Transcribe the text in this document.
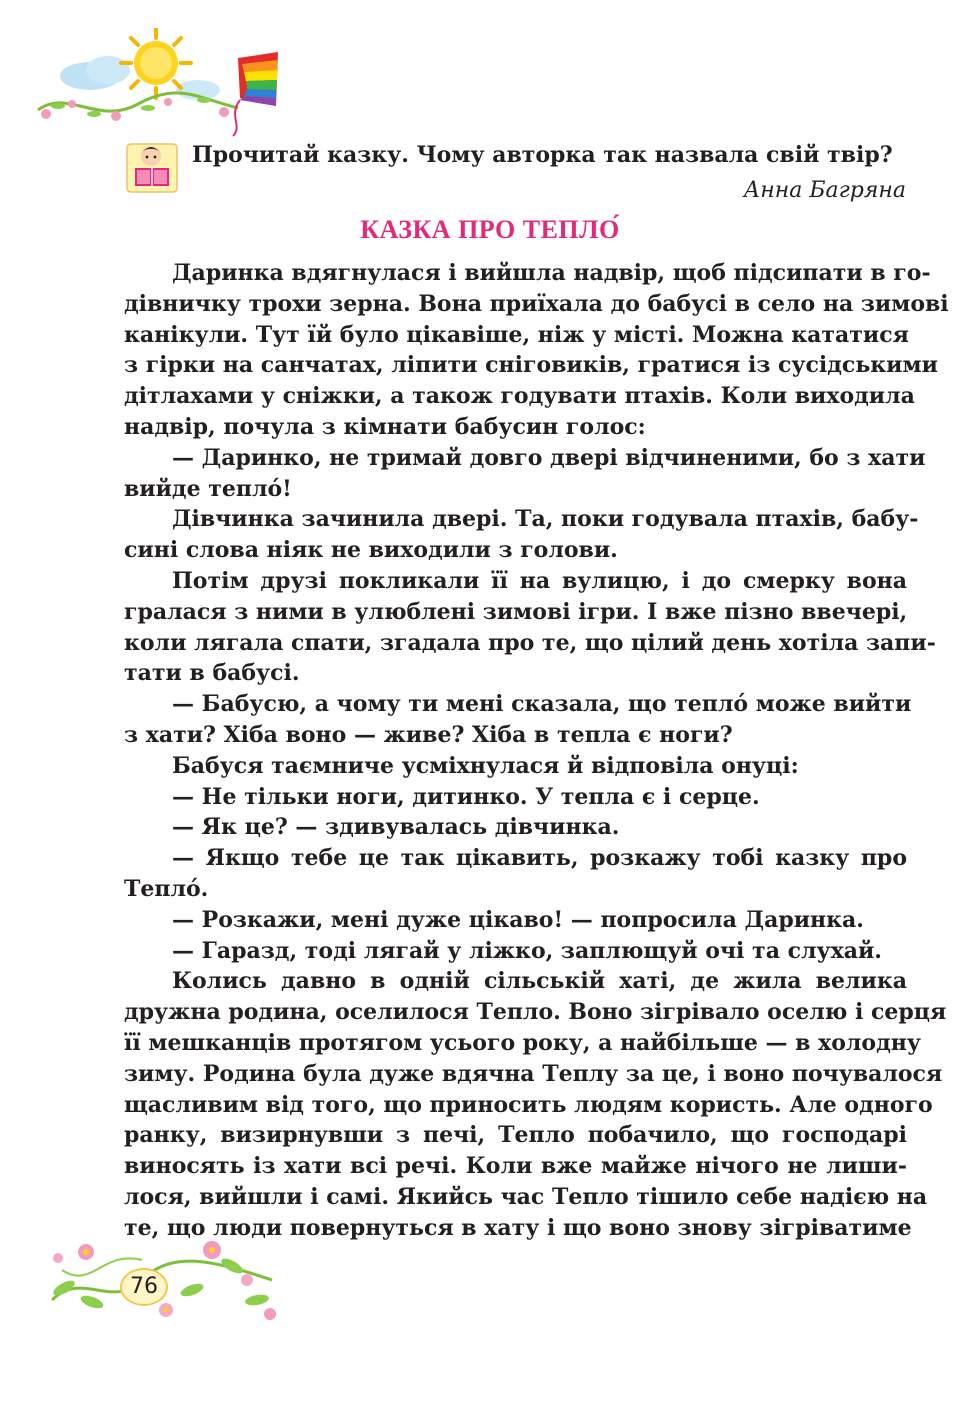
Прочитай казку. Чому авторка так назвала свій твір?
Анна Багряна
КАЗКА ПРО ТЕПЛО́
Даринка вдягнулася і вийшла надвір, щоб підсипати в го-
дівничку трохи зерна. Вона приїхала до бабусі в село на зимові
канікули. Тут їй було цікавіше, ніж у місті. Можна кататися
з гірки на санчатах, ліпити сніговиків, гратися із сусідськими
дітлахами у сніжки, а також годувати птахів. Коли виходила
надвір, почула з кімнати бабусин голос:
— Даринко, не тримай довго двері відчиненими, бо з хати
вийде тепло́!
Дівчинка зачинила двері. Та, поки годувала птахів, бабу-
сині слова ніяк не виходили з голови.
Потім друзі покликали її на вулицю, і до смерку вона
гралася з ними в улюблені зимові ігри. І вже пізно ввечері,
коли лягала спати, згадала про те, що цілий день хотіла запи-
тати в бабусі.
— Бабусю, а чому ти мені сказала, що тепло́ може вийти
з хати? Хіба воно — живе? Хіба в тепла є ноги?
Бабуся таємниче усміхнулася й відповіла онуці:
— Не тільки ноги, дитинко. У тепла є і серце.
— Як це? — здивувалась дівчинка.
— Якщо тебе це так цікавить, розкажу тобі казку про
Тепло́.
— Розкажи, мені дуже цікаво! — попросила Даринка.
— Гаразд, тоді лягай у ліжко, заплющуй очі та слухай.
Колись давно в одній сільській хаті, де жила велика
дружна родина, оселилося Тепло. Воно зігрівало оселю і серця
її мешканців протягом усього року, а найбільше — в холодну
зиму. Родина була дуже вдячна Теплу за це, і воно почувалося
щасливим від того, що приносить людям користь. Але одного
ранку, визирнувши з печі, Тепло побачило, що господарі
виносять із хати всі речі. Коли вже майже нічого не лиши-
лося, вийшли і самі. Якийсь час Тепло тішило себе надією на
те, що люди повернуться в хату і що воно знову зігріватиме
76
